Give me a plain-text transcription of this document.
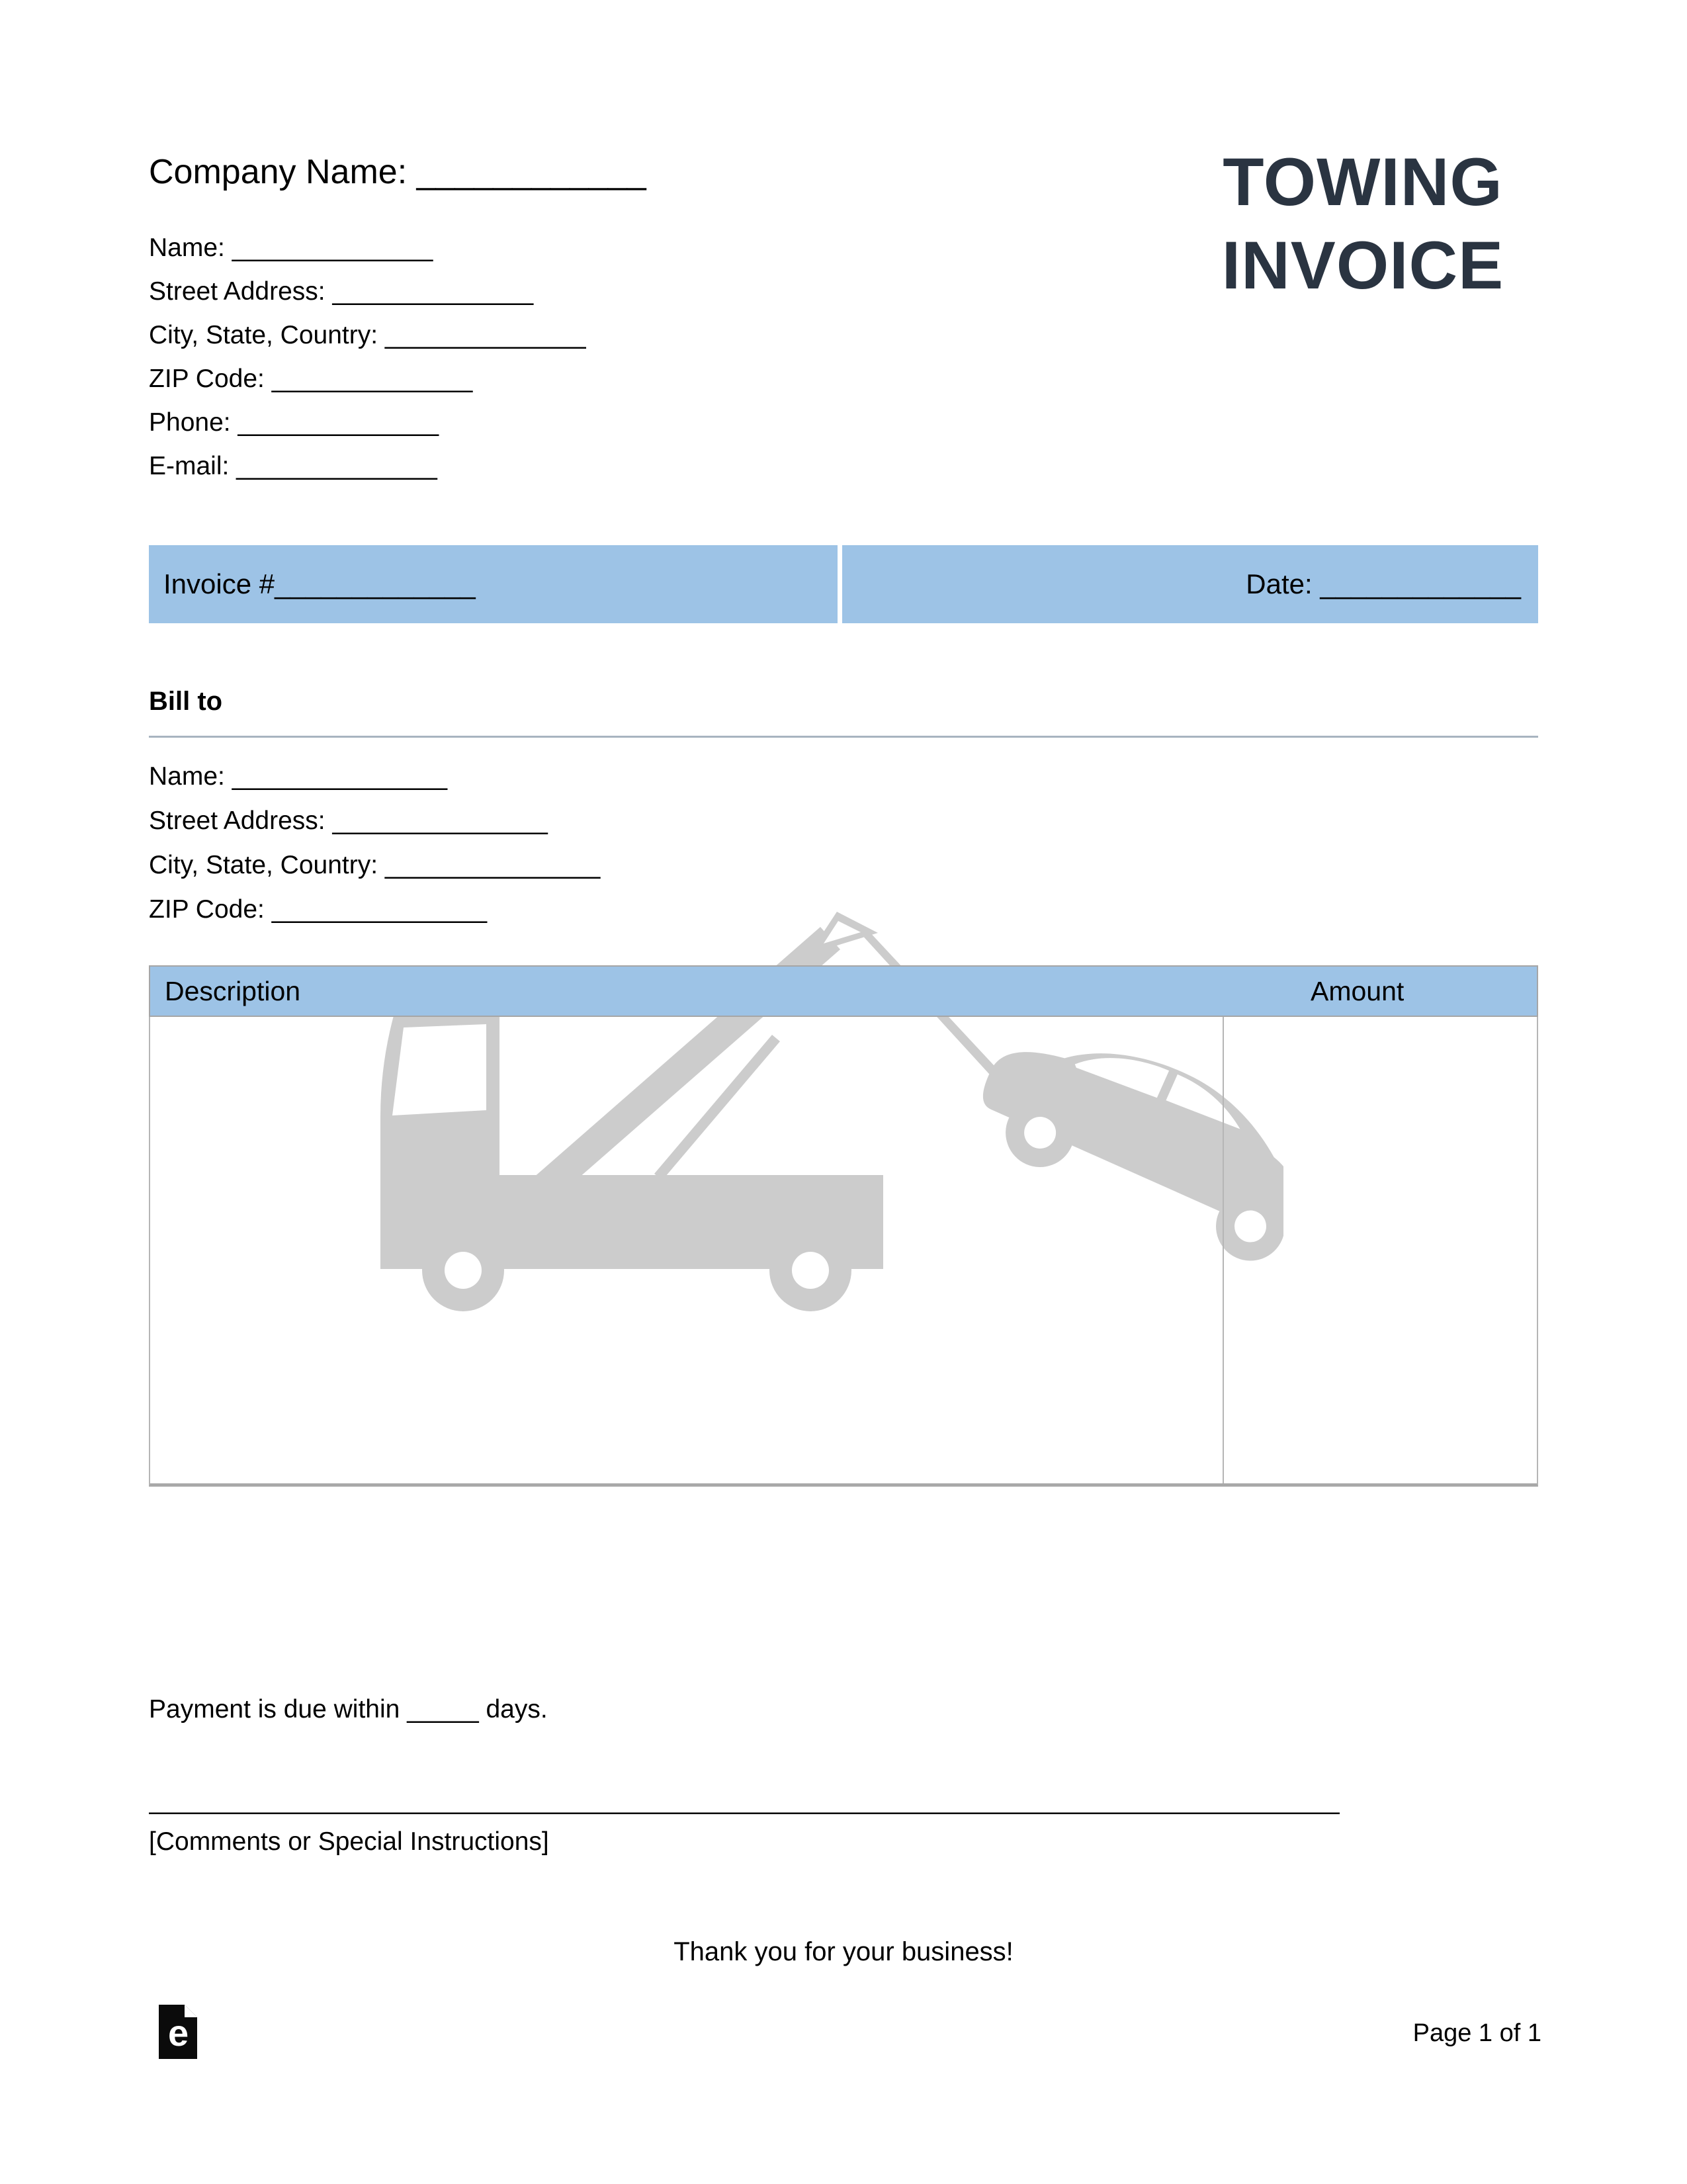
Company Name: ____________
Name: ______________
Street Address: ______________
City, State, Country: ______________
ZIP Code: ______________
Phone: ______________
E-mail: ______________
TOWING
INVOICE
Invoice #_____________	Date: _____________
Bill to
Name: _______________
Street Address: _______________
City, State, Country: _______________
ZIP Code: _______________
Description	Amount
Payment is due within _____ days.
___________________________________________________________________________________
[Comments or Special Instructions]
Thank you for your business!
e	Page 1 of 1
